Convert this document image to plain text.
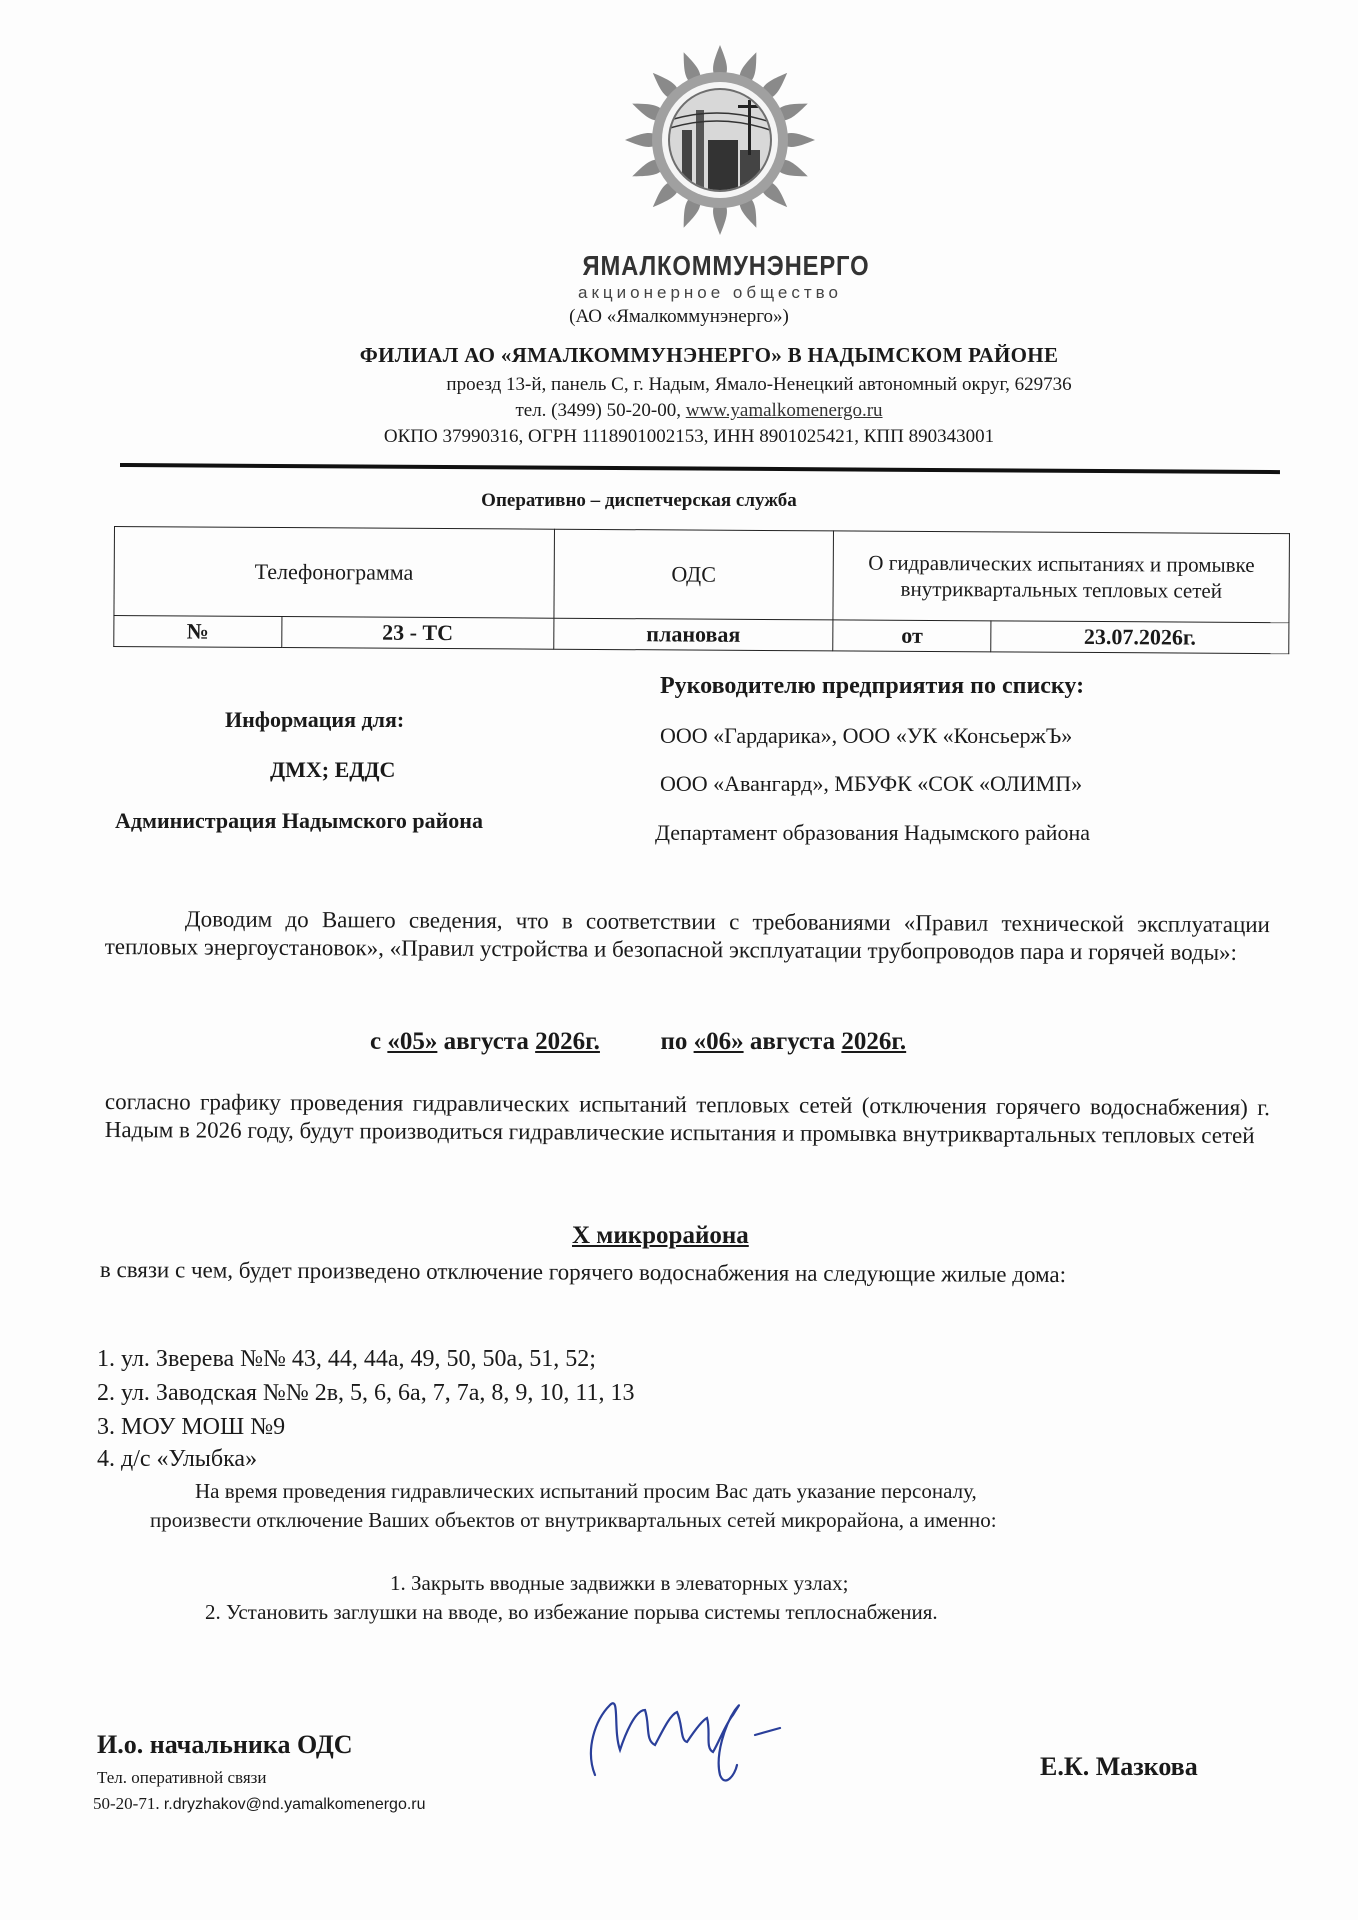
ЯМАЛКОММУНЭНЕРГО
акционерное общество
(АО «Ямалкоммунэнерго»)
ФИЛИАЛ АО «ЯМАЛКОММУНЭНЕРГО» В НАДЫМСКОМ РАЙОНЕ
проезд 13-й, панель С, г. Надым, Ямало-Ненецкий автономный округ, 629736
тел. (3499) 50-20-00, www.yamalkomenergo.ru
ОКПО 37990316, ОГРН 1118901002153, ИНН 8901025421, КПП 890343001
Оперативно – диспетчерская служба
Телефонограмма		ОДС	О гидравлических испытаниях и промывке внутриквартальных тепловых сетей	
№	23 - ТС	плановая	от	23.07.2026г.
Информация для:
ДМХ; ЕДДС
Администрация Надымского района
Руководителю предприятия по списку:
ООО «Гардарика», ООО «УК «КонсьержЪ»
ООО «Авангард», МБУФК «СОК «ОЛИМП»
Департамент образования Надымского района
Доводим до Вашего сведения, что в соответствии с требованиями «Правил технической эксплуатации тепловых энергоустановок», «Правил устройства и безопасной эксплуатации трубопроводов пара и горячей воды»:
с «05» августа 2026г. по «06» августа 2026г.
согласно графику проведения гидравлических испытаний тепловых сетей (отключения горячего водоснабжения) г. Надым в 2026 году, будут производиться гидравлические испытания и промывка внутриквартальных тепловых сетей
Х микрорайона
в связи с чем, будет произведено отключение горячего водоснабжения на следующие жилые дома:
1. ул. Зверева №№ 43, 44, 44а, 49, 50, 50а, 51, 52;
2. ул. Заводская №№ 2в, 5, 6, 6а, 7, 7а, 8, 9, 10, 11, 13
3. МОУ МОШ №9
4. д/с «Улыбка»
На время проведения гидравлических испытаний просим Вас дать указание персоналу,
произвести отключение Ваших объектов от внутриквартальных сетей микрорайона, а именно:
1. Закрыть вводные задвижки в элеваторных узлах;
2. Установить заглушки на вводе, во избежание порыва системы теплоснабжения.
И.о. начальника ОДС
Тел. оперативной связи
50-20-71. r.dryzhakov@nd.yamalkomenergo.ru
Е.К. Мазкова
